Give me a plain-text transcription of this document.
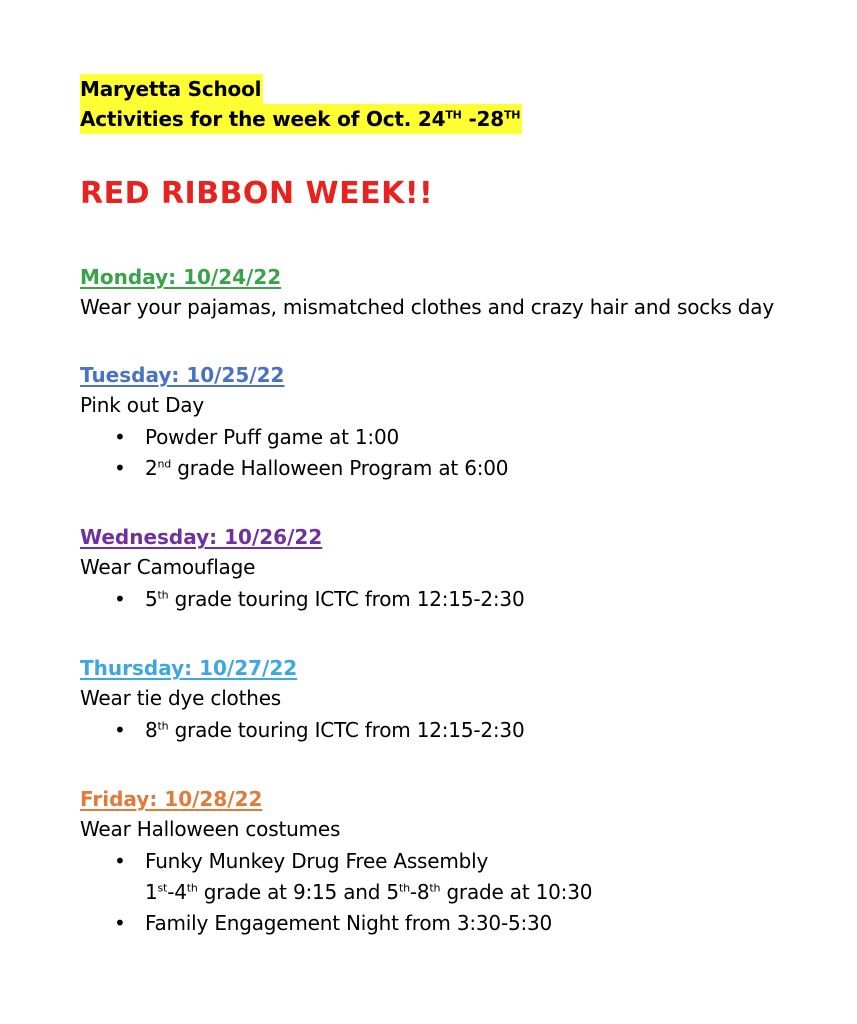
Maryetta School
Activities for the week of Oct. 24TH -28TH
RED RIBBON WEEK!!
Monday: 10/24/22
Wear your pajamas, mismatched clothes and crazy hair and socks day
Tuesday: 10/25/22
Pink out Day
• Powder Puff game at 1:00
• 2nd grade Halloween Program at 6:00
Wednesday: 10/26/22
Wear Camouflage
• 5th grade touring ICTC from 12:15-2:30
Thursday: 10/27/22
Wear tie dye clothes
• 8th grade touring ICTC from 12:15-2:30
Friday: 10/28/22
Wear Halloween costumes
• Funky Munkey Drug Free Assembly
1st-4th grade at 9:15 and 5th-8th grade at 10:30
• Family Engagement Night from 3:30-5:30
